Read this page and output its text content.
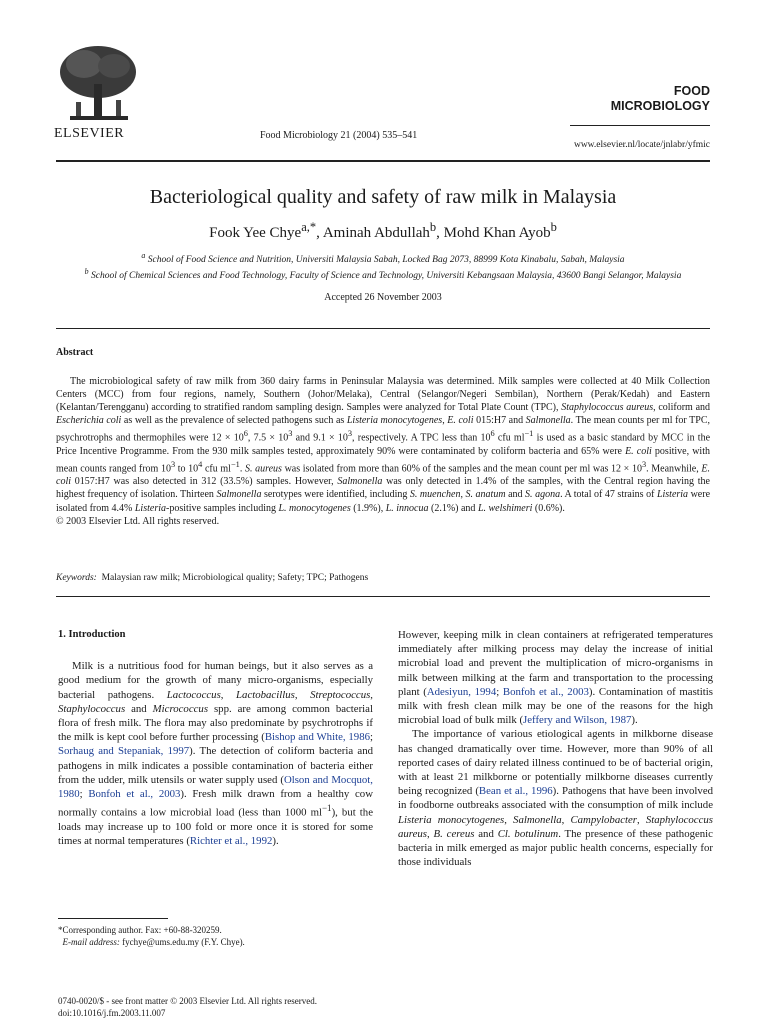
ELSEVIER	Food Microbiology 21 (2004) 535–541
FOOD
MICROBIOLOGY
www.elsevier.nl/locate/jnlabr/yfmic
Bacteriological quality and safety of raw milk in Malaysia
Fook Yee Chye$^{a,*}$, Aminah Abdullah$^b$, Mohd Khan Ayob$^b$
$^a$ School of Food Science and Nutrition, Universiti Malaysia Sabah, Locked Bag 2073, 88999 Kota Kinabalu, Sabah, Malaysia
$^b$ School of Chemical Sciences and Food Technology, Faculty of Science and Technology, Universiti Kebangsaan Malaysia, 43600 Bangi Selangor, Malaysia
Accepted 26 November 2003
Abstract
The microbiological safety of raw milk from 360 dairy farms in Peninsular Malaysia was determined. Milk samples were collected at 40 Milk Collection Centers (MCC) from four regions, namely, Southern (Johor/Melaka), Central (Selangor/Negeri Sembilan), Northern (Perak/Kedah) and Eastern (Kelantan/Terengganu) according to stratified random sampling design. Samples were analyzed for Total Plate Count (TPC), Staphylococcus aureus, coliform and Escherichia coli as well as the prevalence of selected pathogens such as Listeria monocytogenes, E. coli 015:H7 and Salmonella. The mean counts per ml for TPC, psychrotrophs and thermophiles were $12 \times 10^6$, $7.5 \times 10^3$ and $9.1 \times 10^3$, respectively. A TPC less than $10^6$ cfu $ml^{-1}$ is used as a basic standard by MCC in the Price Incentive Programme. From the 930 milk samples tested, approximately 90% were contaminated by coliform bacteria and 65% were E. coli positive, with mean counts ranged from $10^3$ to $10^4$ cfu $ml^{-1}$. S. aureus was isolated from more than 60% of the samples and the mean count per ml was $12 \times 10^3$. Meanwhile, E. coli 0157:H7 was also detected in 312 (33.5%) samples. However, Salmonella was only detected in 1.4% of the samples, with the Central region having the highest frequency of isolation. Thirteen Salmonella serotypes were identified, including S. muenchen, S. anatum and S. agona. A total of 47 strains of Listeria were isolated from 4.4% Listeria-positive samples including L. monocytogenes (1.9%), L. innocua (2.1%) and L. welshimeri (0.6%).
© 2003 Elsevier Ltd. All rights reserved.
Keywords: Malaysian raw milk; Microbiological quality; Safety; TPC; Pathogens

1. Introduction

Milk is a nutritious food for human beings, but it also serves as a good medium for the growth of many micro-organisms, especially bacterial pathogens. Lactococcus, Lactobacillus, Streptococcus, Staphylococcus and Micrococcus spp. are among common bacterial flora of fresh milk. The flora may also predominate by psychrotrophs if the milk is kept cool before further processing (Bishop and White, 1986; Sorhaug and Stepaniak, 1997). The detection of coliform bacteria and pathogens in milk indicates a possible contamination of bacteria either from the udder, milk utensils or water supply used (Olson and Mocquot, 1980; Bonfoh et al., 2003). Fresh milk drawn from a healthy cow normally contains a low microbial load (less than 1000 $ml^{-1}$), but the loads may increase up to 100 fold or more once it is stored for some times at normal temperatures (Richter et al., 1992).

However, keeping milk in clean containers at refrigerated temperatures immediately after milking process may delay the increase of initial microbial load and prevent the multiplication of micro-organisms in milk between milking at the farm and transportation to the processing plant (Adesiyun, 1994; Bonfoh et al., 2003). Contamination of mastitis milk with fresh clean milk may be one of the reasons for the high microbial load of bulk milk (Jeffery and Wilson, 1987).

The importance of various etiological agents in milkborne disease has changed dramatically over time. However, more than 90% of all reported cases of dairy related illness continued to be of bacterial origin, with at least 21 milkborne or potentially milkborne diseases currently being recognized (Bean et al., 1996). Pathogens that have been involved in foodborne outbreaks associated with the consumption of milk include Listeria monocytogenes, Salmonella, Campylobacter, Staphylococcus aureus, B. cereus and Cl. botulinum. The presence of these pathogenic bacteria in milk emerged as major public health concerns, especially for those individuals

*Corresponding author. Fax: +60-88-320259.
E-mail address: fychye@ums.edu.my (F.Y. Chye).
0740-0020/$ - see front matter © 2003 Elsevier Ltd. All rights reserved.
doi:10.1016/j.fm.2003.11.007
